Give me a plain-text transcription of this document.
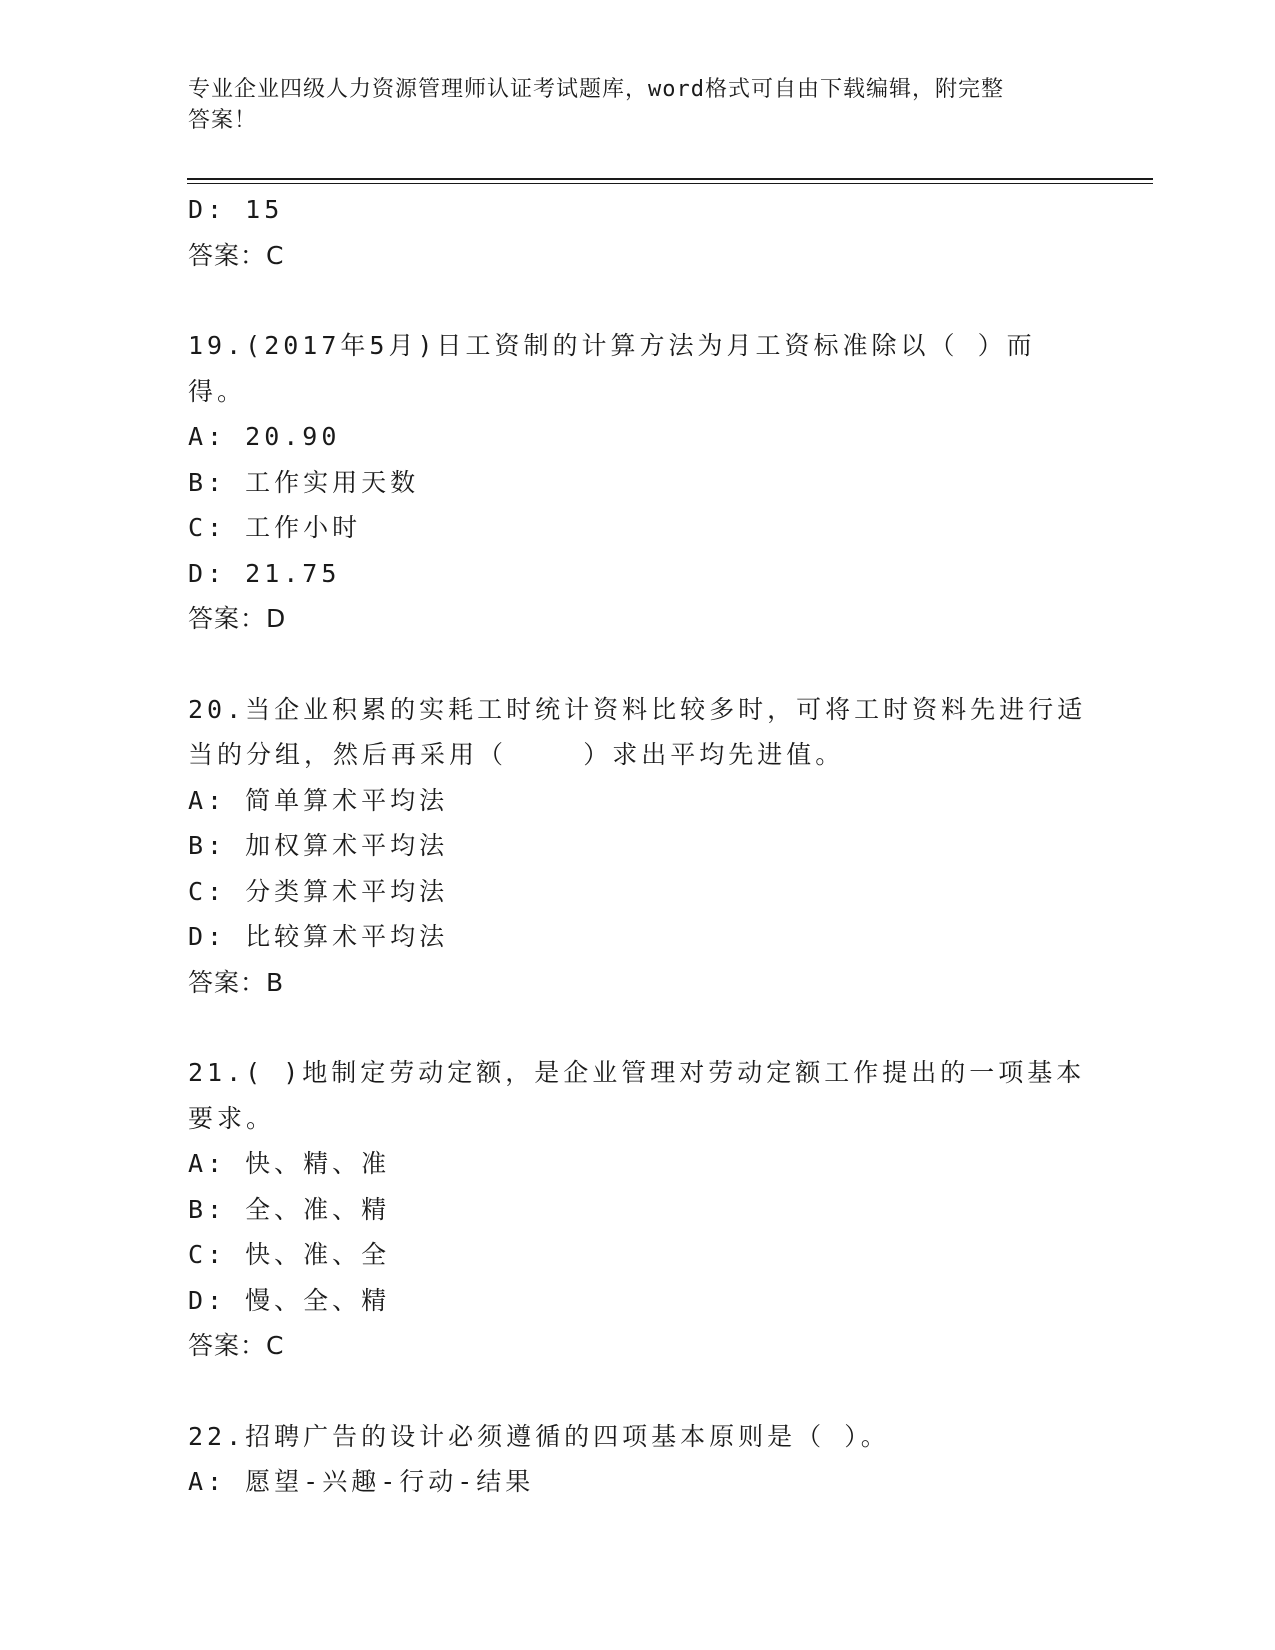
专业企业四级人力资源管理师认证考试题库，word格式可自由下载编辑，附完整
答案！
D: 15
答案：C
19.(2017年5月)日工资制的计算方法为月工资标准除以（ ）而得。
A: 20.90
B: 工作实用天数
C: 工作小时
D: 21.75
答案：D
20.当企业积累的实耗工时统计资料比较多时，可将工时资料先进行适
当的分组，然后再采用（    ）求出平均先进值。
A: 简单算术平均法
B: 加权算术平均法
C: 分类算术平均法
D: 比较算术平均法
答案：B
21.( )地制定劳动定额，是企业管理对劳动定额工作提出的一项基本
要求。
A: 快、精、准
B: 全、准、精
C: 快、准、全
D: 慢、全、精
答案：C
22.招聘广告的设计必须遵循的四项基本原则是（ ）。
A: 愿望-兴趣-行动-结果
